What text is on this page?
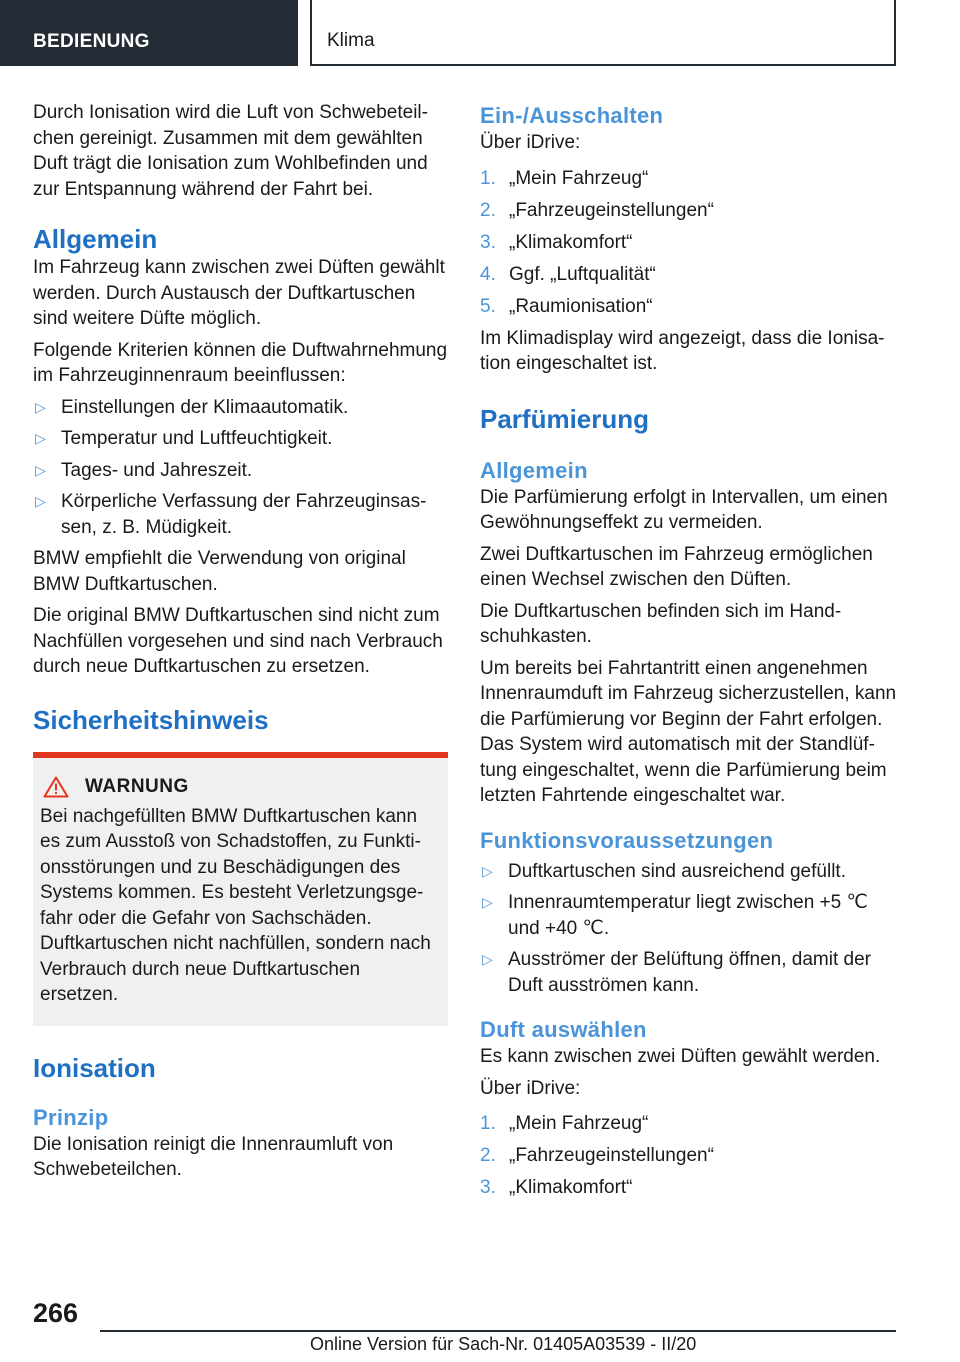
BEDIENUNG	Klima

Durch Ionisation wird die Luft von Schwebeteilchen gereinigt. Zusammen mit dem gewählten Duft trägt die Ionisation zum Wohlbefinden und zur Entspannung während der Fahrt bei.

Allgemein

Im Fahrzeug kann zwischen zwei Düften gewählt werden. Durch Austausch der Duftkartuschen sind weitere Düfte möglich.

Folgende Kriterien können die Duftwahrnehmung im Fahrzeuginnenraum beeinflussen:

▷ Einstellungen der Klimaautomatik.
▷ Temperatur und Luftfeuchtigkeit.
▷ Tages- und Jahreszeit.
▷ Körperliche Verfassung der Fahrzeuginsassen, z. B. Müdigkeit.

BMW empfiehlt die Verwendung von original BMW Duftkartuschen.

Die original BMW Duftkartuschen sind nicht zum Nachfüllen vorgesehen und sind nach Verbrauch durch neue Duftkartuschen zu ersetzen.

Sicherheitshinweis
WARNUNG

Bei nachgefüllten BMW Duftkartuschen kann es zum Ausstoß von Schadstoffen, zu Funktionsstörungen und zu Beschädigungen des Systems kommen. Es besteht Verletzungsgefahr oder die Gefahr von Sachschäden. Duftkartuschen nicht nachfüllen, sondern nach Verbrauch durch neue Duftkartuschen ersetzen.

Ionisation
Prinzip

Die Ionisation reinigt die Innenraumluft von Schwebeteilchen.

Ein-/Ausschalten

Über iDrive:

1. „Mein Fahrzeug“
2. „Fahrzeugeinstellungen“
3. „Klimakomfort“
4. Ggf. „Luftqualität“
5. „Raumionisation“

Im Klimadisplay wird angezeigt, dass die Ionisation eingeschaltet ist.

Parfümierung
Allgemein

Die Parfümierung erfolgt in Intervallen, um einen Gewöhnungseffekt zu vermeiden.

Zwei Duftkartuschen im Fahrzeug ermöglichen einen Wechsel zwischen den Düften.

Die Duftkartuschen befinden sich im Handschuhkasten.

Um bereits bei Fahrtantritt einen angenehmen Innenraumduft im Fahrzeug sicherzustellen, kann die Parfümierung vor Beginn der Fahrt erfolgen. Das System wird automatisch mit der Standlüftung eingeschaltet, wenn die Parfümierung beim letzten Fahrtende eingeschaltet war.

Funktionsvoraussetzungen
▷ Duftkartuschen sind ausreichend gefüllt.
▷ Innenraumtemperatur liegt zwischen +5 ℃ und +40 ℃.
▷ Ausströmer der Belüftung öffnen, damit der Duft ausströmen kann.
Duft auswählen

Es kann zwischen zwei Düften gewählt werden.

Über iDrive:

1. „Mein Fahrzeug“
2. „Fahrzeugeinstellungen“
3. „Klimakomfort“
266
Online Version für Sach-Nr. 01405A03539 - II/20
